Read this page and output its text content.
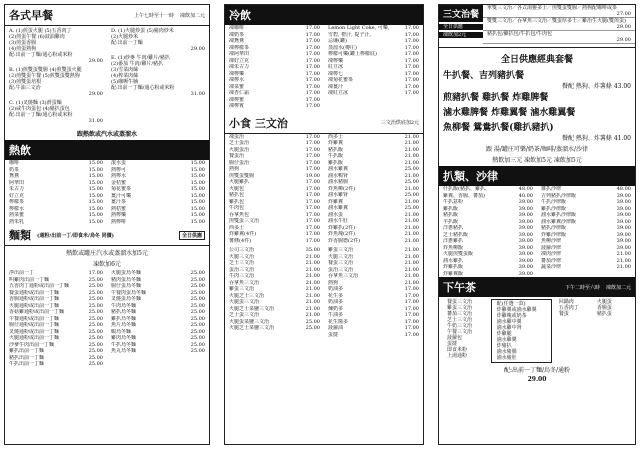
各式早餐	上午七時至十一時 凍飲加二元
A. (1)煎蛋火腿 (5)五香肉丁
(2)煎蛋午餐 (6)豉油雞肉
(3)煎蛋香腸
(4)煎蛋熱狗
配:出前一丁麵/通心粉或米粉
29.00
B. (1)煎雙蛋雙腸 (4)煎雙蛋火腿
(2)煎雙蛋午餐 (5)煎雙蛋雙熱狗
(3)煎雙蛋培根
配:牛油三文治
29.00
C. (1)叉燒麵 (3)滑蛋麵
(2)咸牛肉蛋包 (4)豬扒蛋包
配:出前一丁麵/通心粉或米粉
31.00
D. (1)火腿炒蛋 (5)豬肉炒米
(2)火腿炒米
配:出前一丁麵
29.00
E. (1)炒麥 牛肉/雞片/豬扒
(2)番茄 牛肉/雞片/豬扒
(3)雪菜肉絲
(4)榨菜肉絲
(5)咖喱牛腩
配:出前一丁麵/通心粉或米粉
31.00
跟熱飲或汽水或蒸溜水
熱飲
咖啡	15.00
奶茶	15.00
鴛鴦	15.00
阿華田	15.00
朱古力	15.00
好立克	15.00
檸檬茶	15.00
檸檬水	15.00
熱菜蜜	15.00
熱朱乳	15.00
滾水蛋	15.00
熱檸可	15.00
熱檸水	15.00
金桔蜜	15.00
菊花蜜茶	15.00
薑汁可樂	15.00
薑汁茶	15.00
熱桔蜜	15.00
熱檸樂	15.00
熱檸啡	15.00
麵類 (通粉/出前一丁/即食米/烏冬 同價)	全日供應
熱飲或罐庄汽水或蒸溜水加5元
凍飲加6元
淨出前一丁	17.00
叫雞肉出前一丁麵	25.00
五香肉丁通粉或出前一丁麵	25.00
餐蛋通粉或出前一丁麵	25.00
香腸通粉或出前一丁麵	25.00
火腿通粉或出前一丁麵	25.00
香菇雞通粉或出前一丁麵	25.00
午餐通粉或出前一丁麵	25.00
腸仔通粉或出前一丁麵	25.00
叉燒通粉或出前一丁麵	25.00
火腿通粉或出前一丁麵	25.00
沙爹牛肉出前一丁麵	25.00
雞扒出前一丁麵	25.00
豬扒出前一丁麵	25.00
牛扒出前一丁麵	25.00
火腿蛋烏冬麵	25.00
豬肉蛋烏冬麵	25.00
腸仔蛋烏冬麵	25.00
午餐肉蛋烏冬麵	25.00
叉燒蛋烏冬麵	25.00
牛肉烏冬麵	25.00
豬扒烏冬麵	25.00
雞扒烏冬麵	25.00
魚片烏冬麵	25.00
蝦烏冬麵	25.00
雞肉烏冬麵	25.00
牛扒烏冬麵	25.00
魚丸烏冬麵	25.00
冷飲
凍咖啡	17.00
凍奶茶	17.00
凍鴛鴦	17.00
凍檸檬茶	17.00
凍阿華田	17.00
凍好立克	17.00
凍朱古力	17.00
凍檸樂	17.00
凍檸水	17.00
凍菜蜜	17.00
凍杏仁霜	17.00
凍檸蜜	17.00
凍檸賓	17.00
Lemon Light Coke, 可樂,	17.00
雪碧, 橙汁, 提子汁,	17.00
忌廉(罐)	17.00
蒸溜水(樽庄)	17.00
檸檬可樂(罐上檸檬底)	17.00
凍檸樂	17.00
紅豆冰	17.00
凍檸七	17.00
凍菊花蜜茶	17.00
凍薑汁	17.00
凍紅豆冰	17.00
小食 三文治	三文治烘底加2元
凍蛋治	17.00
芝士蛋治	17.00
火腿蛋治	17.00
餐蛋治	17.00
腸仔蛋治	17.00
熱狗	17.00
煎雙蛋雙腸	19.00
火腿雞扒	17.00
火腿包	17.00
豬扒包	17.00
雞扒包	17.00
牛肉包	17.00
吞拿魚包	17.00
煎雙蛋三文治	17.00
西多士	17.00
炸雞翼(4件)	17.00
薯條(4件)	17.00
西多士	21.00
炸雞翼	21.00
豬扒飯	21.00
牛扒飯	21.00
雞扒飯	21.00
滷水雞翼	25.00
滷水鴨肾	21.00
滷水豬腸	25.00
炸魚柳(2件)	21.00
滷水雞肾	25.00
炸雞翼	21.00
滷水雞翼	25.00
滷水蛋	21.00
滷水牛肚	21.00
炸雞扒(2件)	21.00
炸魚塊(2件)	21.00
炸香腸德(2件)	21.00
公司三文治	35.00
火腿三文治	21.00
芝士三文治	21.00
蛋治三文治	21.00
牛肉三文治	21.00
吞拿魚三文治	21.00
雞蛋三文治	21.00
火腿芝士三文治	21.00
火腿蛋三文治	21.00
火腿芝士菜鹽三文治	21.00
芝士蛋三文治	21.00
火腿蛋菜鹽三文治	25.00
火腿芝士菜鹽三文治	25.00
雞蛋三文治	21.00
火腿三文治	21.00
餐蛋三文治	21.00
蛋治三文治	21.00
吞拿魚三文治	21.00
熱狗	21.00
奶油多	17.00
花生多	17.00
奶油多	17.00
煉奶多	17.00
牛油多	17.00
花生醬多	17.00
菠蘿油	17.00
蛋撻	17.00
三文治餐
全日供應
凍飲加2元
單雙三文治／各式湯靈多士／煎雙蛋雙腸／熱狗配咖啡或茶
27.00
雙雙三文治／吞拿魚三文治／雙蛋厚多士／雞治生火腿(雙煎蛋)
29.00
豬扒包/雞扒包/牛扒包/牛肉包
29.00
全日供應經典套餐
牛扒餐、吉列豬扒餐
餐配 熱狗、炸薯條
43.00
煎豬扒餐 雞扒餐 炸雞脾餐
滷水雞脾餐 炸雞翼餐 滷水雞翼餐
魚柳餐 鴛鴦扒餐(雞扒豬扒)
餐配 熱狗、炸薯條
41.00
跟 湯/罐庄可樂/奶茶/咖啡/蒸溜水/沙律
熱飲加三元 凍飲加5元 凍飲加5元
扒類、沙律
什扒飯(豬扒、雞扒、	48.00
雞翼、香腸、蕃茄)	40.00
牛扒意粉	39.00
雞扒飯	39.00
豬扒飯	39.00
羊扒飯	39.00
洋蔥豬扒	39.00
芝士豬扒飯	39.00
洋蔥雞扒	39.00
炸魚柳飯	39.00
火腿煎雙蛋飯	39.00
滷水雞扒	39.00
炸雞扒飯	39.00
炸雞翼飯	39.00
雜扒沙律	48.00
吉列豬扒沙律飯	39.00
牛扒沙律飯	39.00
雞扒沙律飯	39.00
滷水雞扒沙律飯	39.00
滷水雞翼沙律飯	39.00
豬扒沙律飯	39.00
炸雞沙律飯	39.00
魚柳沙律	39.00
菠蘿沙律	39.00
凍肉沙律	21.00
蕃茄沙律	21.00
蔬菜沙律	21.00
下午茶	下午二時至六時 凍飲加二元
餐蛋三文治
雞蛋三文治
蕃茄三文治
芝士三文治
牛奶三文治
午餐三文治
菠蘿包
蛋撻
即食米粉
上湯通粉
配(任選一款)
炸雞翼或滷水雞翼
炸雞塊或奶茶
滷水雞中翼
滷水雞中肾
炸雞腿
滷水雞翼
炸豬扒
滷水豬腸
滷水豬肚
回鍋肉
五香肉丁
餐蛋
火腿蛋
香腸蛋
豬扒蛋
配:出前一丁麵/烏冬/通粉
29.00
